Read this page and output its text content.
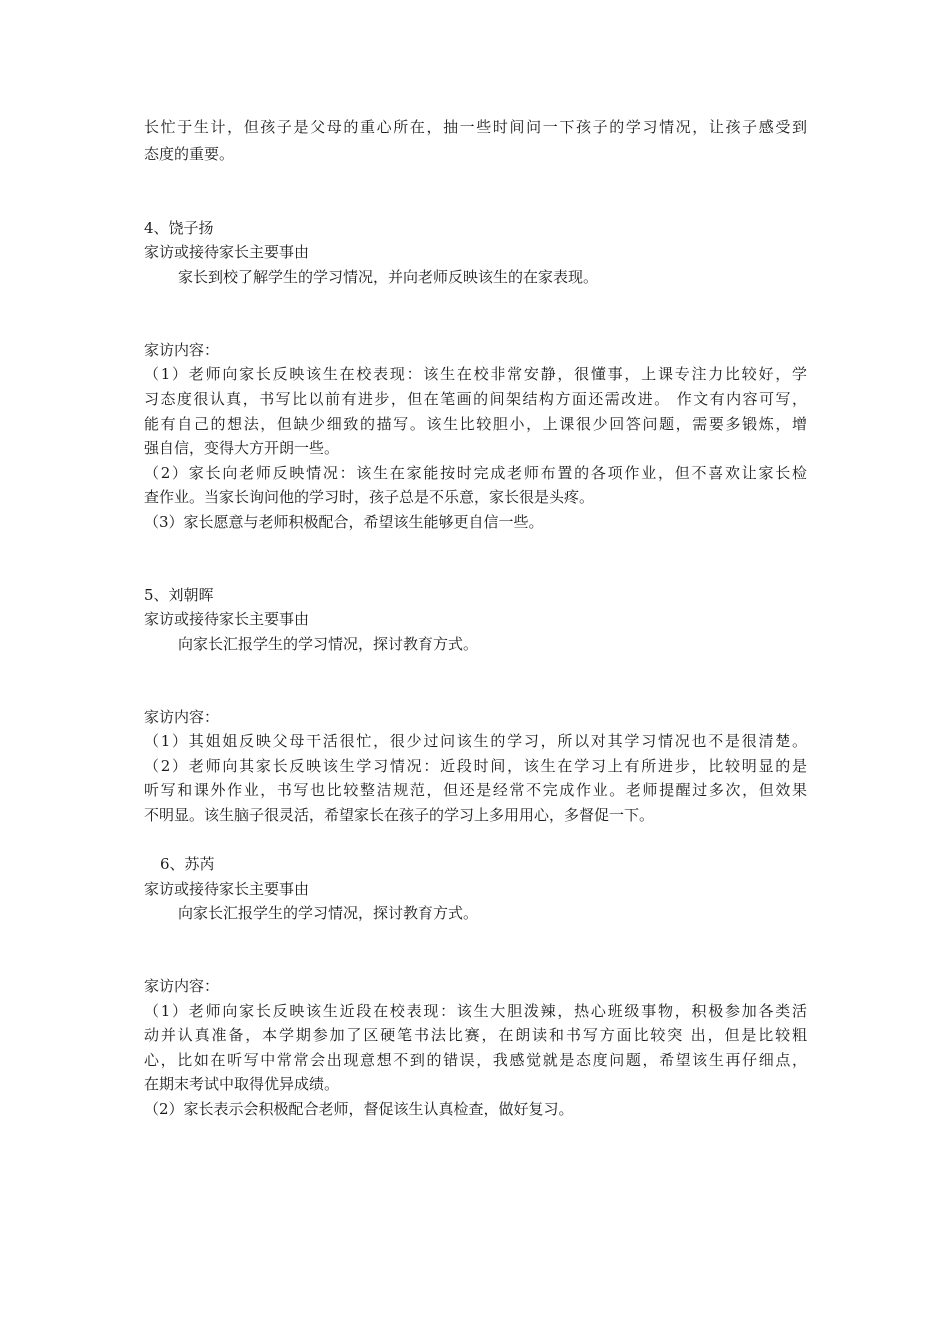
长忙于生计，但孩子是父母的重心所在，抽一些时间问一下孩子的学习情况，让孩子感受到
态度的重要。
4、饶子扬
家访或接待家长主要事由
家长到校了解学生的学习情况，并向老师反映该生的在家表现。
家访内容：
（1）老师向家长反映该生在校表现：该生在校非常安静，很懂事，上课专注力比较好，学
习态度很认真，书写比以前有进步，但在笔画的间架结构方面还需改进。 作文有内容可写，
能有自己的想法，但缺少细致的描写。该生比较胆小，上课很少回答问题，需要多锻炼，增
强自信，变得大方开朗一些。
（2）家长向老师反映情况：该生在家能按时完成老师布置的各项作业，但不喜欢让家长检
查作业。当家长询问他的学习时，孩子总是不乐意，家长很是头疼。
（3）家长愿意与老师积极配合，希望该生能够更自信一些。
5、刘朝晖
家访或接待家长主要事由
向家长汇报学生的学习情况，探讨教育方式。
家访内容：
（1）其姐姐反映父母干活很忙，很少过问该生的学习，所以对其学习情况也不是很清楚。
（2）老师向其家长反映该生学习情况：近段时间，该生在学习上有所进步，比较明显的是
听写和课外作业，书写也比较整洁规范，但还是经常不完成作业。老师提醒过多次，但效果
不明显。该生脑子很灵活，希望家长在孩子的学习上多用用心，多督促一下。
6、苏芮
家访或接待家长主要事由
向家长汇报学生的学习情况，探讨教育方式。
家访内容：
（1）老师向家长反映该生近段在校表现：该生大胆泼辣，热心班级事物，积极参加各类活
动并认真准备，本学期参加了区硬笔书法比赛，在朗读和书写方面比较突 出，但是比较粗
心，比如在听写中常常会出现意想不到的错误，我感觉就是态度问题，希望该生再仔细点，
在期末考试中取得优异成绩。
（2）家长表示会积极配合老师，督促该生认真检查，做好复习。
